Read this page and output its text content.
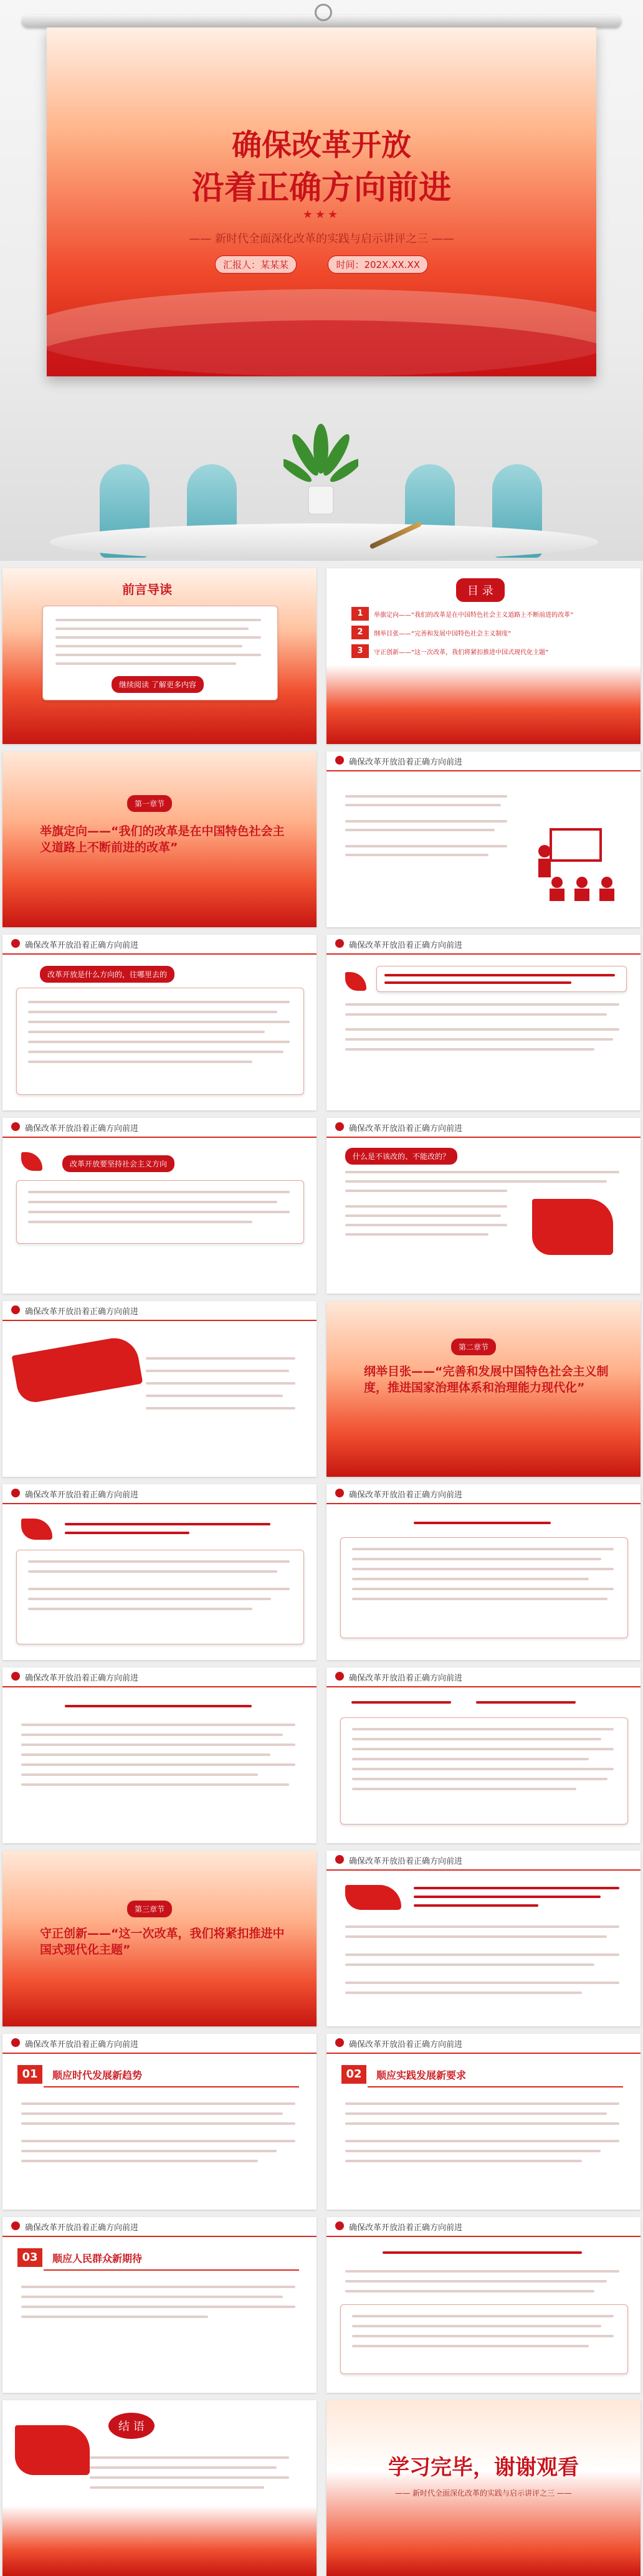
确保改革开放
沿着正确方向前进
★★★
—— 新时代全面深化改革的实践与启示讲评之三 ——
汇报人：某某某	时间：202X.XX.XX
前言导读
继续阅读 了解更多内容
目 录
1	举旗定向——“我们的改革是在中国特色社会主义道路上不断前进的改革”
2	纲举目张——“完善和发展中国特色社会主义制度”
3	守正创新——“这一次改革，我们将紧扣推进中国式现代化主题”
第一章节
举旗定向——“我们的改革是在中国特色社会主义道路上不断前进的改革”
确保改革开放沿着正确方向前进
确保改革开放沿着正确方向前进
改革开放是什么方向的，往哪里去的
确保改革开放沿着正确方向前进
确保改革开放沿着正确方向前进
改革开放要坚持社会主义方向
确保改革开放沿着正确方向前进
什么是不该改的、不能改的？
确保改革开放沿着正确方向前进
第二章节
纲举目张——“完善和发展中国特色社会主义制度，推进国家治理体系和治理能力现代化”
确保改革开放沿着正确方向前进	确保改革开放沿着正确方向前进
确保改革开放沿着正确方向前进	确保改革开放沿着正确方向前进
第三章节
守正创新——“这一次改革，我们将紧扣推进中国式现代化主题”
确保改革开放沿着正确方向前进
确保改革开放沿着正确方向前进
01	顺应时代发展新趋势
确保改革开放沿着正确方向前进
02	顺应实践发展新要求
确保改革开放沿着正确方向前进
03	顺应人民群众新期待
确保改革开放沿着正确方向前进
结 语
学习完毕，谢谢观看
—— 新时代全面深化改革的实践与启示讲评之三 ——
